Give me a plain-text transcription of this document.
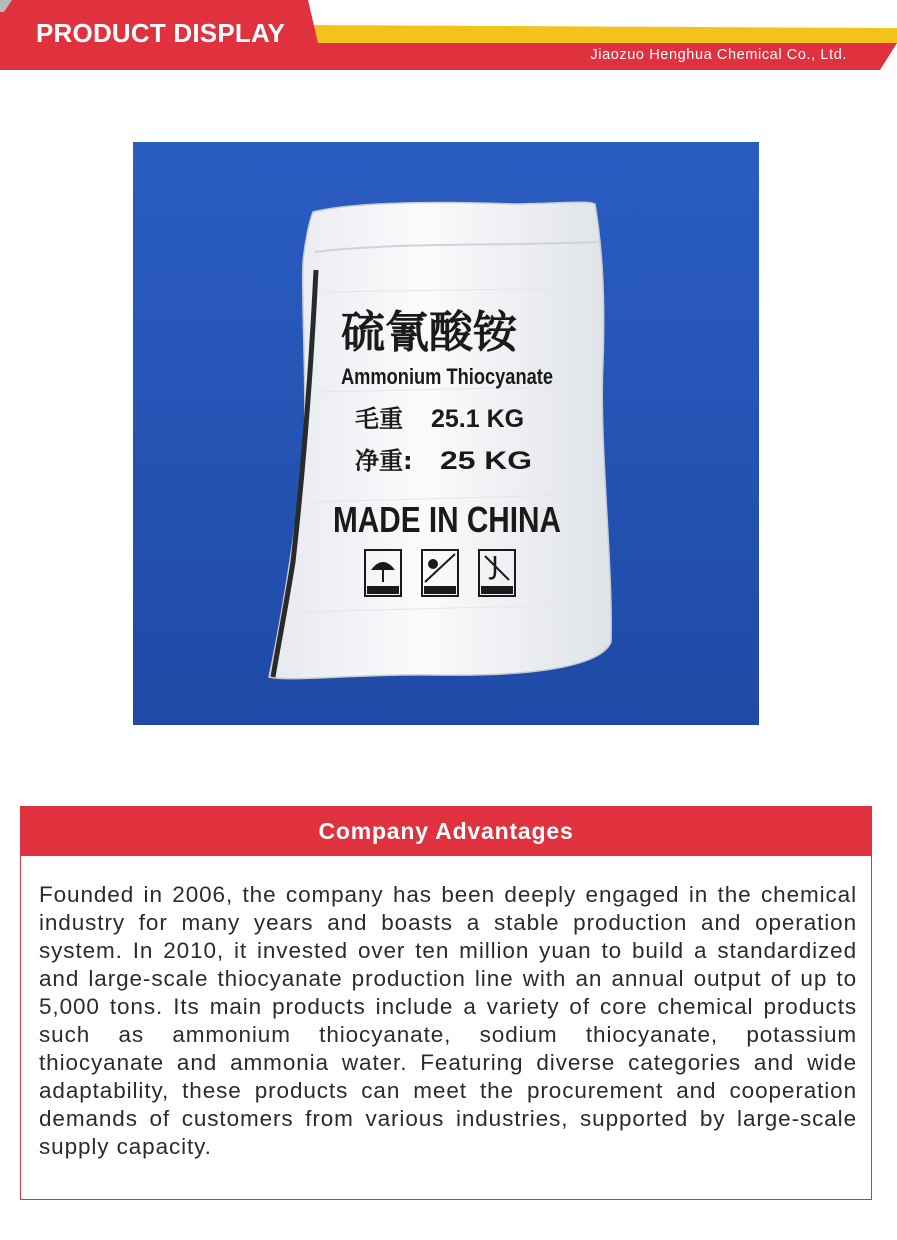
PRODUCT DISPLAY
Jiaozuo Henghua Chemical Co., Ltd.
硫氰酸铵
Ammonium Thiocyanate
毛重 25.1 KG
净重: 25 KG
MADE IN CHINA
Company Advantages

Founded in 2006, the company has been deeply engaged in the chemical industry for many years and boasts a stable production and operation system. In 2010, it invested over ten million yuan to build a standardized and large-scale thiocyanate production line with an annual output of up to 5,000 tons. Its main products include a variety of core chemical products such as ammonium thiocyanate, sodium thiocyanate, potassium thiocyanate and ammonia water. Featuring diverse categories and wide adaptability, these products can meet the procurement and cooperation demands of customers from various industries, supported by large-scale supply capacity.
